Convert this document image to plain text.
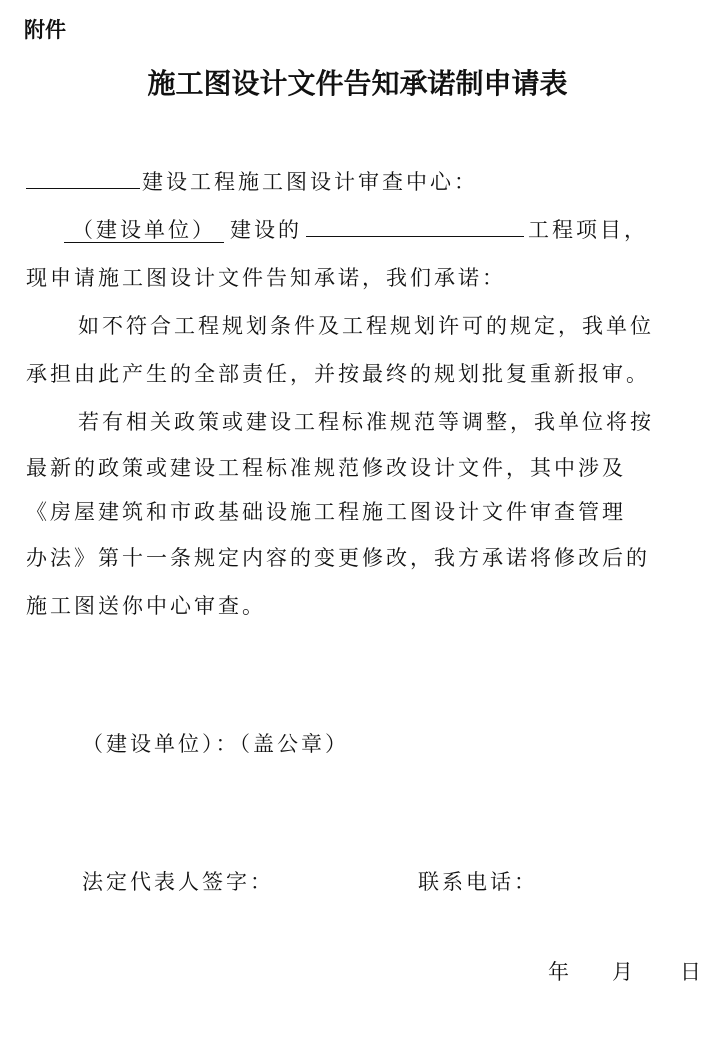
附件
施工图设计文件告知承诺制申请表
建设工程施工图设计审查中心：
（建设单位） 建设的	工程项目，
现申请施工图设计文件告知承诺，我们承诺：
如不符合工程规划条件及工程规划许可的规定，我单位
承担由此产生的全部责任，并按最终的规划批复重新报审。
若有相关政策或建设工程标准规范等调整，我单位将按
最新的政策或建设工程标准规范修改设计文件，其中涉及
《房屋建筑和市政基础设施工程施工图设计文件审查管理
办法》第十一条规定内容的变更修改，我方承诺将修改后的
施工图送你中心审查。
（建设单位）：（盖公章）
法定代表人签字：	联系电话：
年 月 日
